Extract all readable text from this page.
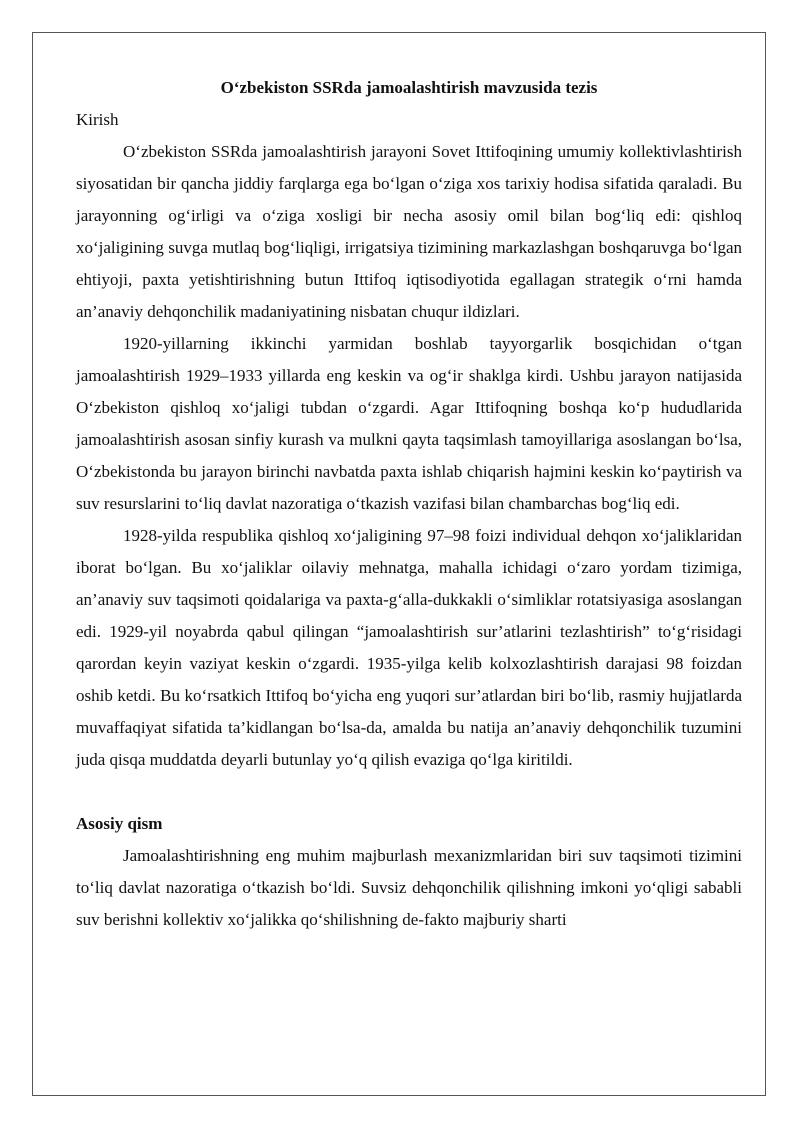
O‘zbekiston SSRda jamoalashtirish mavzusida tezis

Kirish

O‘zbekiston SSRda jamoalashtirish jarayoni Sovet Ittifoqining umumiy kollektivlashtirish siyosatidan bir qancha jiddiy farqlarga ega bo‘lgan o‘ziga xos tarixiy hodisa sifatida qaraladi. Bu jarayonning og‘irligi va o‘ziga xosligi bir necha asosiy omil bilan bog‘liq edi: qishloq xo‘jaligining suvga mutlaq bog‘liqligi, irrigatsiya tizimining markazlashgan boshqaruvga bo‘lgan ehtiyoji, paxta yetishtirishning butun Ittifoq iqtisodiyotida egallagan strategik o‘rni hamda an’anaviy dehqonchilik madaniyatining nisbatan chuqur ildizlari.

1920-yillarning ikkinchi yarmidan boshlab tayyorgarlik bosqichidan o‘tgan jamoalashtirish 1929–1933 yillarda eng keskin va og‘ir shaklga kirdi. Ushbu jarayon natijasida O‘zbekiston qishloq xo‘jaligi tubdan o‘zgardi. Agar Ittifoqning boshqa ko‘p hududlarida jamoalashtirish asosan sinfiy kurash va mulkni qayta taqsimlash tamoyillariga asoslangan bo‘lsa, O‘zbekistonda bu jarayon birinchi navbatda paxta ishlab chiqarish hajmini keskin ko‘paytirish va suv resurslarini to‘liq davlat nazoratiga o‘tkazish vazifasi bilan chambarchas bog‘liq edi.

1928-yilda respublika qishloq xo‘jaligining 97–98 foizi individual dehqon xo‘jaliklaridan iborat bo‘lgan. Bu xo‘jaliklar oilaviy mehnatga, mahalla ichidagi o‘zaro yordam tizimiga, an’anaviy suv taqsimoti qoidalariga va paxta-g‘alla-dukkakli o‘simliklar rotatsiyasiga asoslangan edi. 1929-yil noyabrda qabul qilingan “jamoalashtirish sur’atlarini tezlashtirish” to‘g‘risidagi qarordan keyin vaziyat keskin o‘zgardi. 1935-yilga kelib kolxozlashtirish darajasi 98 foizdan oshib ketdi. Bu ko‘rsatkich Ittifoq bo‘yicha eng yuqori sur’atlardan biri bo‘lib, rasmiy hujjatlarda muvaffaqiyat sifatida ta’kidlangan bo‘lsa-da, amalda bu natija an’anaviy dehqonchilik tuzumini juda qisqa muddatda deyarli butunlay yo‘q qilish evaziga qo‘lga kiritildi.

Asosiy qism

Jamoalashtirishning eng muhim majburlash mexanizmlaridan biri suv taqsimoti tizimini to‘liq davlat nazoratiga o‘tkazish bo‘ldi. Suvsiz dehqonchilik qilishning imkoni yo‘qligi sababli suv berishni kollektiv xo‘jalikka qo‘shilishning de-fakto majburiy sharti
